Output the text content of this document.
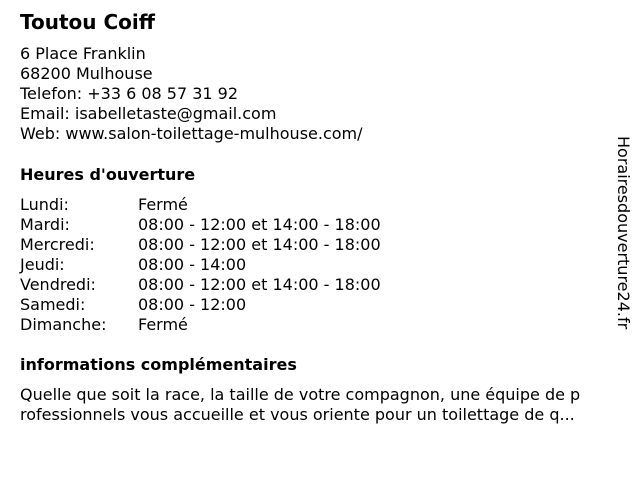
Toutou Coiff
6 Place Franklin
68200 Mulhouse
Telefon: +33 6 08 57 31 92
Email: isabelletaste@gmail.com
Web: www.salon-toilettage-mulhouse.com/
Heures d'ouverture
Lundi:	Fermé
Mardi:	08:00 - 12:00 et 14:00 - 18:00
Mercredi:	08:00 - 12:00 et 14:00 - 18:00
Jeudi:	08:00 - 14:00
Vendredi:	08:00 - 12:00 et 14:00 - 18:00
Samedi:	08:00 - 12:00
Dimanche: Fermé
informations complémentaires
Quelle que soit la race, la taille de votre compagnon, une équipe de p
rofessionnels vous accueille et vous oriente pour un toilettage de q...
Horairesdouverture24.fr
